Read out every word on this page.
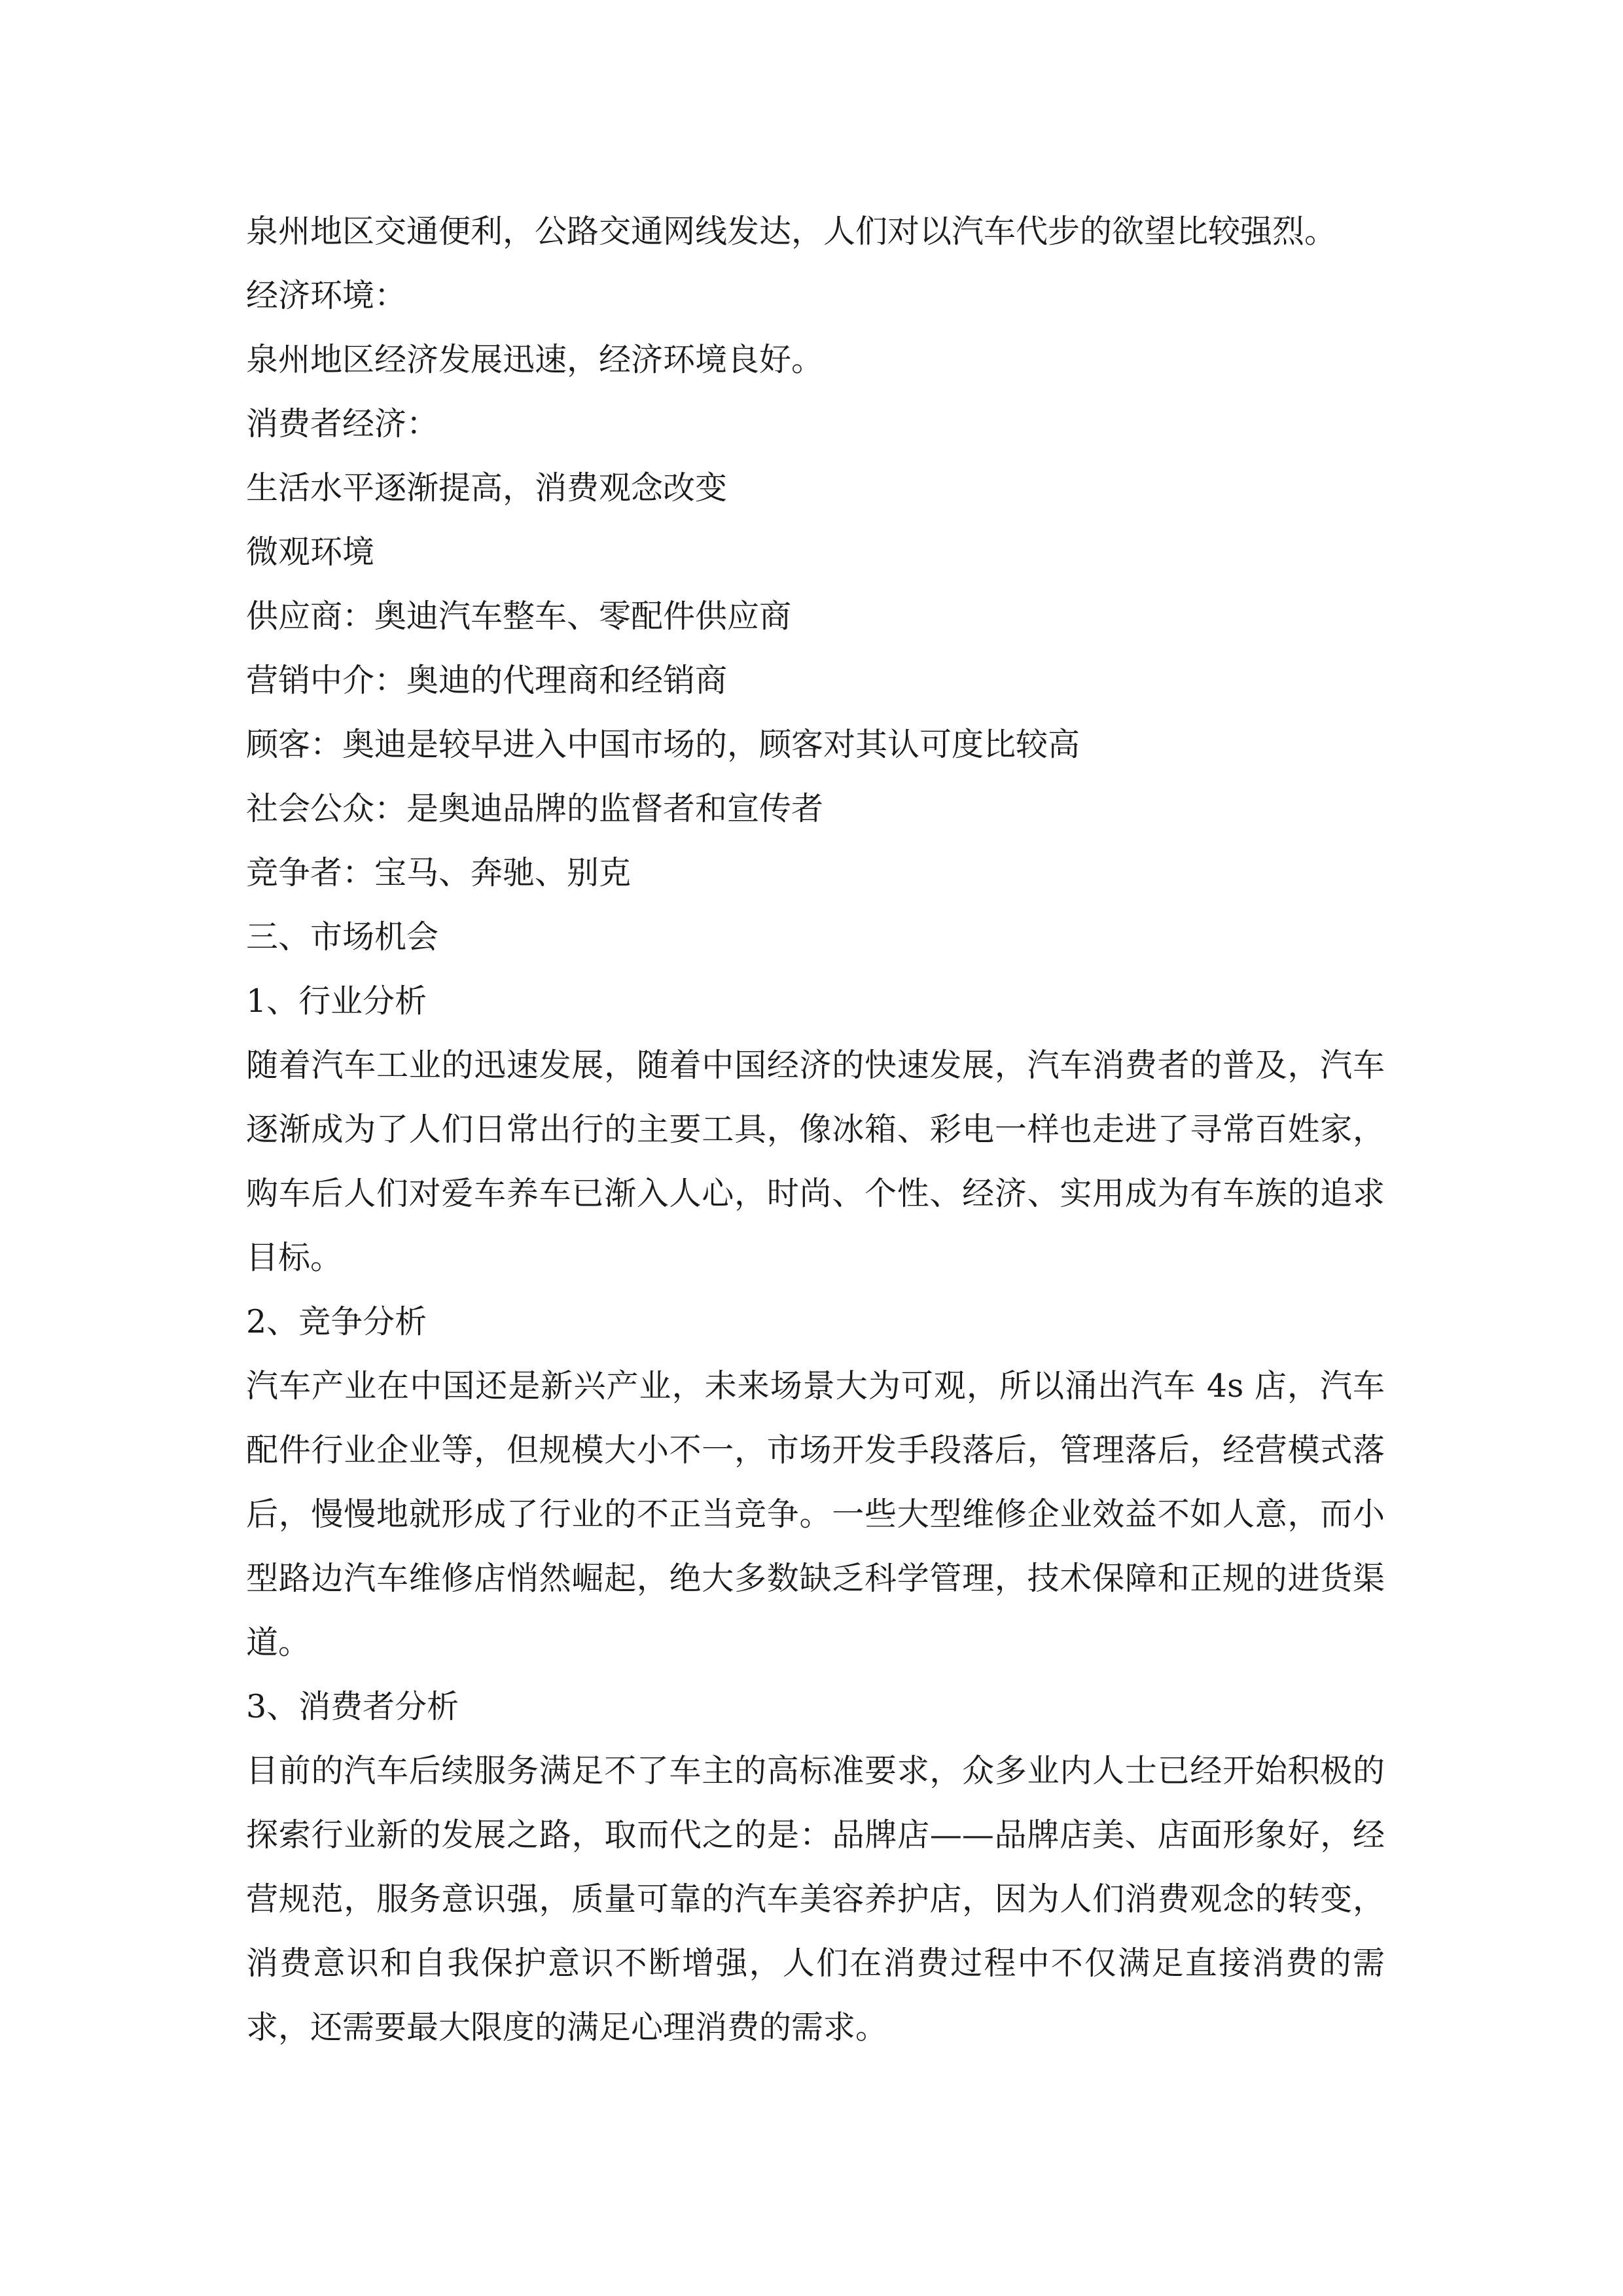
泉州地区交通便利，公路交通网线发达，人们对以汽车代步的欲望比较强烈。

经济环境：

泉州地区经济发展迅速，经济环境良好。

消费者经济：

生活水平逐渐提高，消费观念改变

微观环境

供应商：奥迪汽车整车、零配件供应商

营销中介：奥迪的代理商和经销商

顾客：奥迪是较早进入中国市场的，顾客对其认可度比较高

社会公众：是奥迪品牌的监督者和宣传者

竞争者：宝马、奔驰、别克

三、市场机会

1、行业分析

随着汽车工业的迅速发展，随着中国经济的快速发展，汽车消费者的普及，汽车逐渐成为了人们日常出行的主要工具，像冰箱、彩电一样也走进了寻常百姓家，购车后人们对爱车养车已渐入人心，时尚、个性、经济、实用成为有车族的追求目标。

2、竞争分析

汽车产业在中国还是新兴产业，未来场景大为可观，所以涌出汽车 4s 店，汽车配件行业企业等，但规模大小不一，市场开发手段落后，管理落后，经营模式落后，慢慢地就形成了行业的不正当竞争。一些大型维修企业效益不如人意，而小型路边汽车维修店悄然崛起，绝大多数缺乏科学管理，技术保障和正规的进货渠道。

3、消费者分析

目前的汽车后续服务满足不了车主的高标准要求，众多业内人士已经开始积极的探索行业新的发展之路，取而代之的是：品牌店——品牌店美、店面形象好，经营规范，服务意识强，质量可靠的汽车美容养护店，因为人们消费观念的转变，消费意识和自我保护意识不断增强，人们在消费过程中不仅满足直接消费的需求，还需要最大限度的满足心理消费的需求。
